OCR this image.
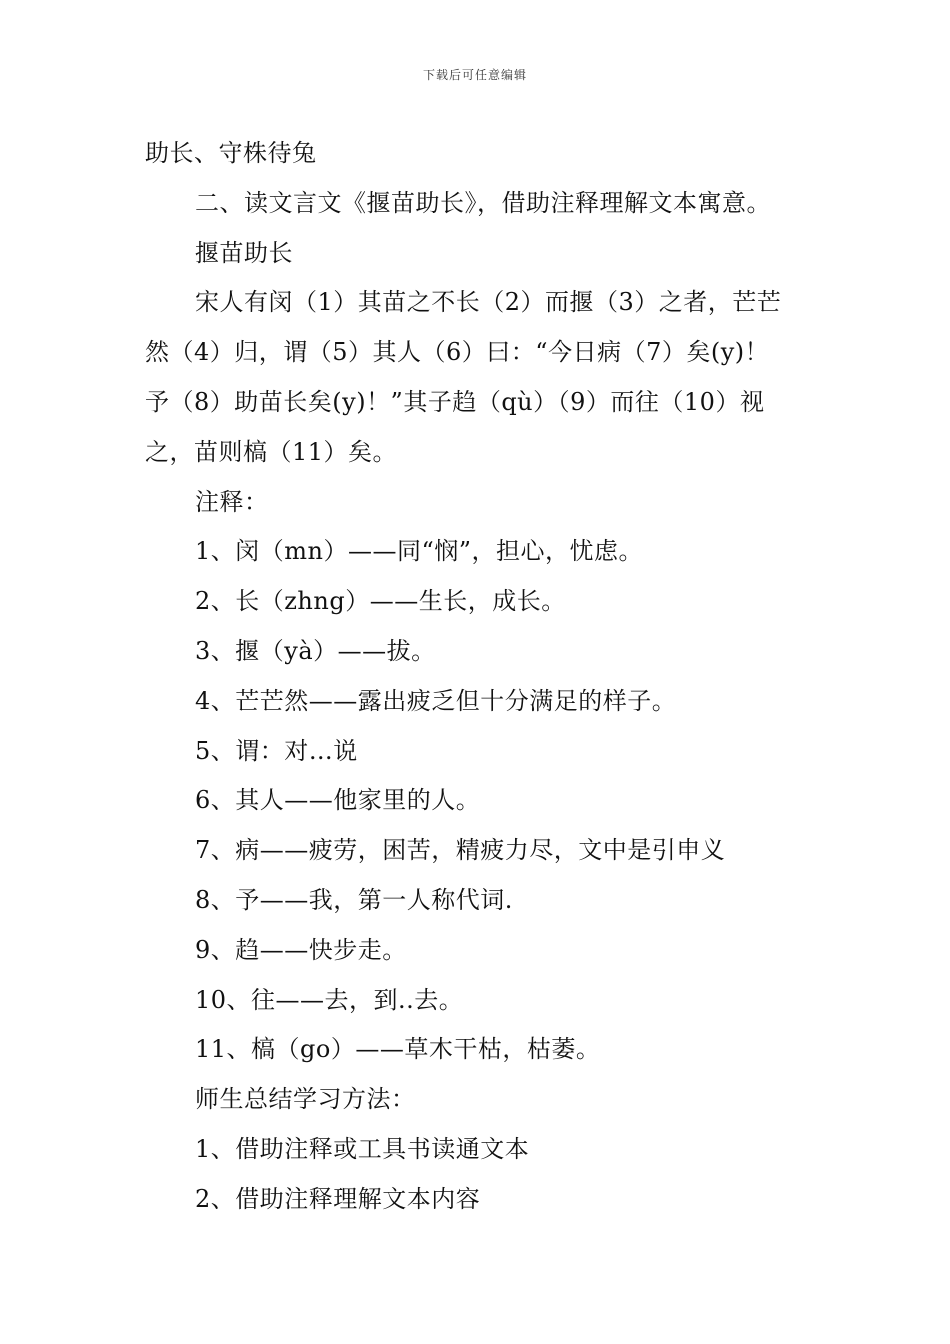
下载后可任意编辑

助长、守株待兔

二、读文言文《揠苗助长》，借助注释理解文本寓意。

揠苗助长

宋人有闵（1）其苗之不长（2）而揠（3）之者，芒芒

然（4）归，谓（5）其人（6）曰：“今日病（7）矣(y)！

予（8）助苗长矣(y)！”其子趋（qù）（9）而往（10）视

之，苗则槁（11）矣。

注释：

1、闵（mn）——同“悯”，担心，忧虑。

2、长（zhng）——生长，成长。

3、揠（yà）——拔。

4、芒芒然——露出疲乏但十分满足的样子。

5、谓：对…说

6、其人——他家里的人。

7、病——疲劳，困苦，精疲力尽，文中是引申义

8、予——我，第一人称代词.

9、趋——快步走。

10、往——去，到..去。

11、槁（go）——草木干枯，枯萎。

师生总结学习方法：

1、借助注释或工具书读通文本

2、借助注释理解文本内容
